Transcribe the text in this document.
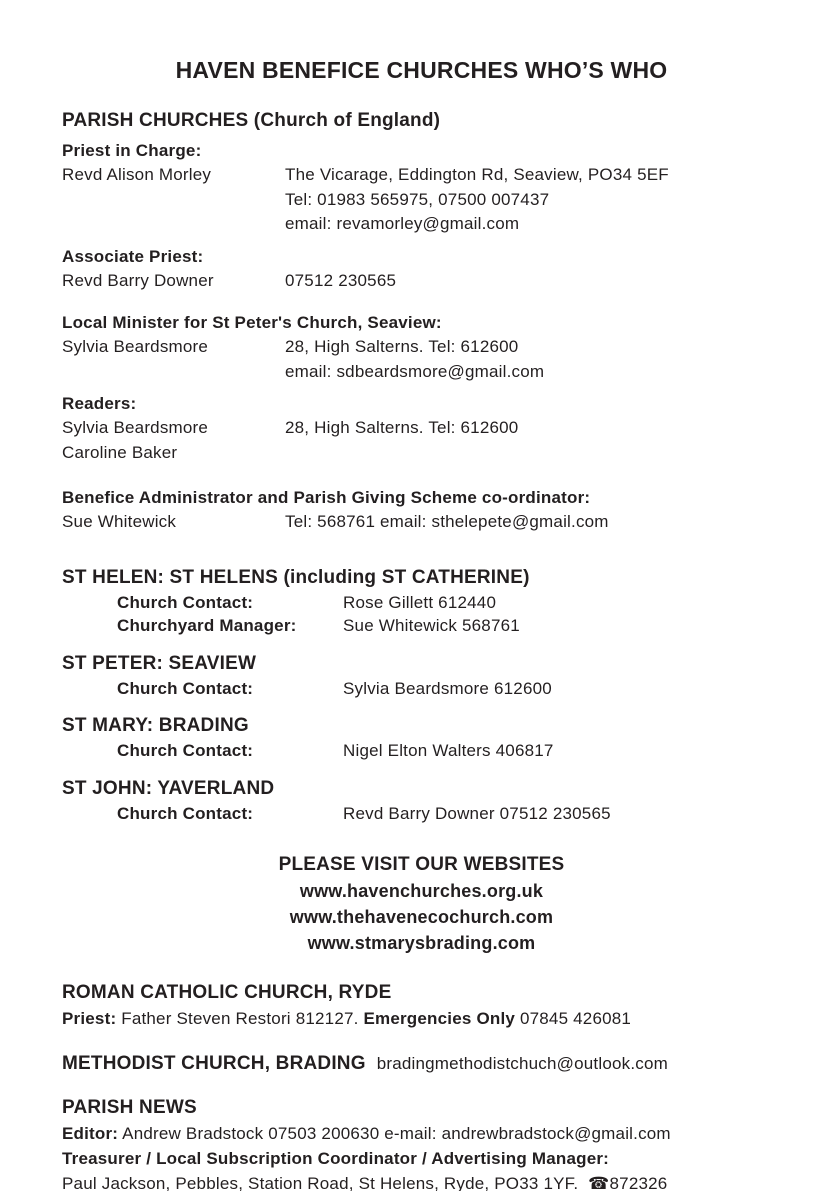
HAVEN BENEFICE CHURCHES WHO’S WHO
PARISH CHURCHES (Church of England)
Priest in Charge:
Revd Alison Morley	The Vicarage, Eddington Rd, Seaview, PO34 5EF
Tel: 01983 565975, 07500 007437
email: revamorley@gmail.com
Associate Priest:
Revd Barry Downer	07512 230565
Local Minister for St Peter's Church, Seaview:
Sylvia Beardsmore	28, High Salterns. Tel: 612600
email: sdbeardsmore@gmail.com
Readers:
Sylvia Beardsmore	28, High Salterns. Tel: 612600
Caroline Baker
Benefice Administrator and Parish Giving Scheme co-ordinator:
Sue Whitewick	Tel: 568761 email: sthelepete@gmail.com
ST HELEN: ST HELENS (including ST CATHERINE)
Church Contact:	Rose Gillett 612440
Churchyard Manager:	Sue Whitewick 568761
ST PETER: SEAVIEW
Church Contact:	Sylvia Beardsmore 612600
ST MARY: BRADING
Church Contact:	Nigel Elton Walters 406817
ST JOHN: YAVERLAND
Church Contact:	Revd Barry Downer 07512 230565
PLEASE VISIT OUR WEBSITES
www.havenchurches.org.uk
www.thehavenecochurch.com
www.stmarysbrading.com
ROMAN CATHOLIC CHURCH, RYDE
Priest: Father Steven Restori 812127. Emergencies Only 07845 426081
METHODIST CHURCH, BRADING bradingmethodistchuch@outlook.com
PARISH NEWS
Editor: Andrew Bradstock 07503 200630 e-mail: andrewbradstock@gmail.com
Treasurer / Local Subscription Coordinator / Advertising Manager:
Paul Jackson, Pebbles, Station Road, St Helens, Ryde, PO33 1YF.  ☎872326
